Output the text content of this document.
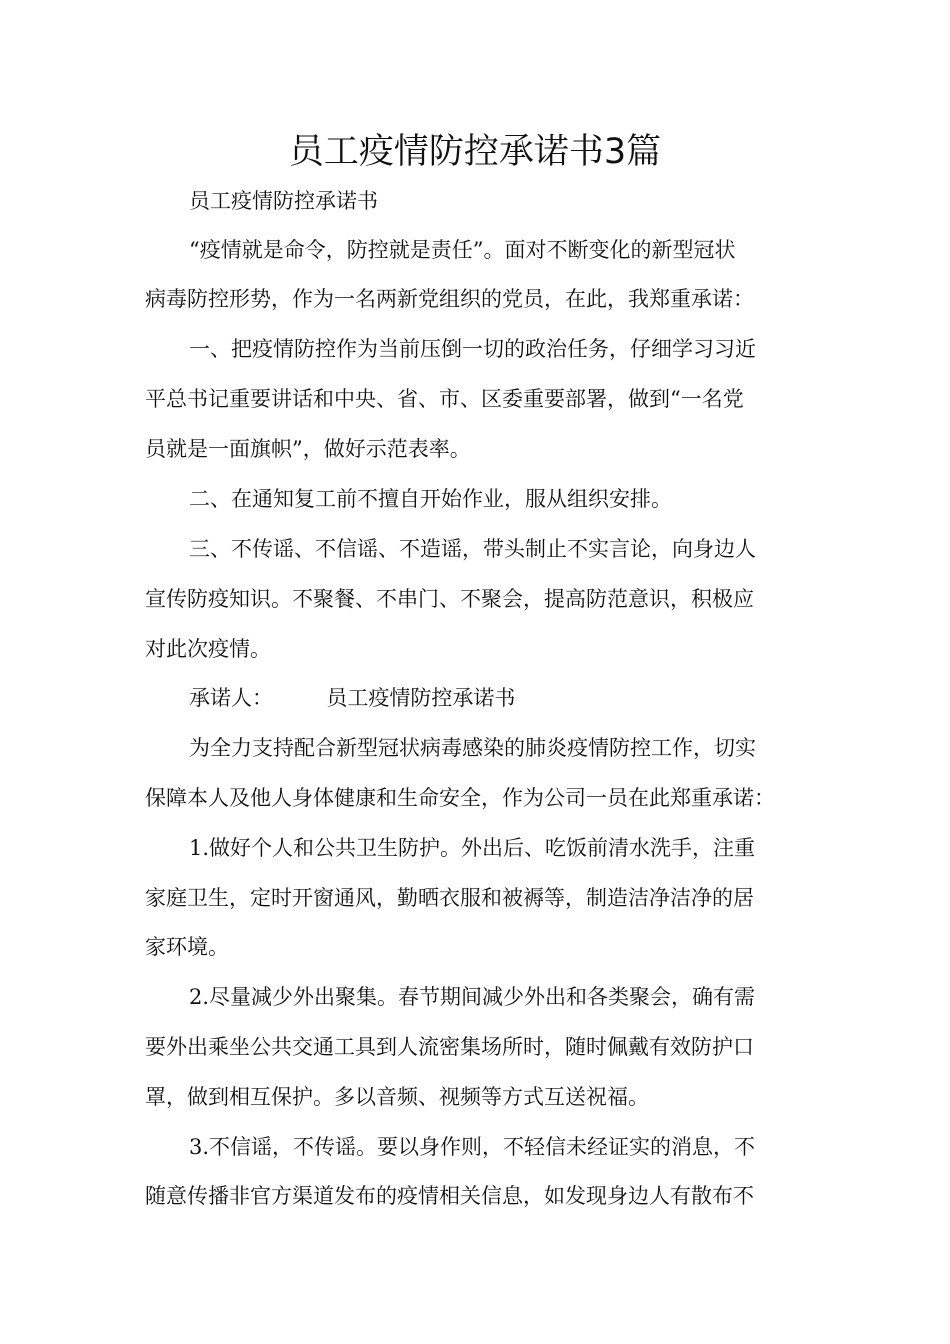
员工疫情防控承诺书3篇
员工疫情防控承诺书
“疫情就是命令，防控就是责任”。面对不断变化的新型冠状
病毒防控形势，作为一名两新党组织的党员，在此，我郑重承诺：
一、把疫情防控作为当前压倒一切的政治任务，仔细学习习近
平总书记重要讲话和中央、省、市、区委重要部署，做到“一名党
员就是一面旗帜”，做好示范表率。
二、在通知复工前不擅自开始作业，服从组织安排。
三、不传谣、不信谣、不造谣，带头制止不实言论，向身边人
宣传防疫知识。不聚餐、不串门、不聚会，提高防范意识，积极应
对此次疫情。
承诺人：        员工疫情防控承诺书
为全力支持配合新型冠状病毒感染的肺炎疫情防控工作，切实
保障本人及他人身体健康和生命安全，作为公司一员在此郑重承诺：
1.做好个人和公共卫生防护。外出后、吃饭前清水洗手，注重
家庭卫生，定时开窗通风，勤晒衣服和被褥等，制造洁净洁净的居
家环境。
2.尽量减少外出聚集。春节期间减少外出和各类聚会，确有需
要外出乘坐公共交通工具到人流密集场所时，随时佩戴有效防护口
罩，做到相互保护。多以音频、视频等方式互送祝福。
3.不信谣，不传谣。要以身作则，不轻信未经证实的消息，不
随意传播非官方渠道发布的疫情相关信息，如发现身边人有散布不
